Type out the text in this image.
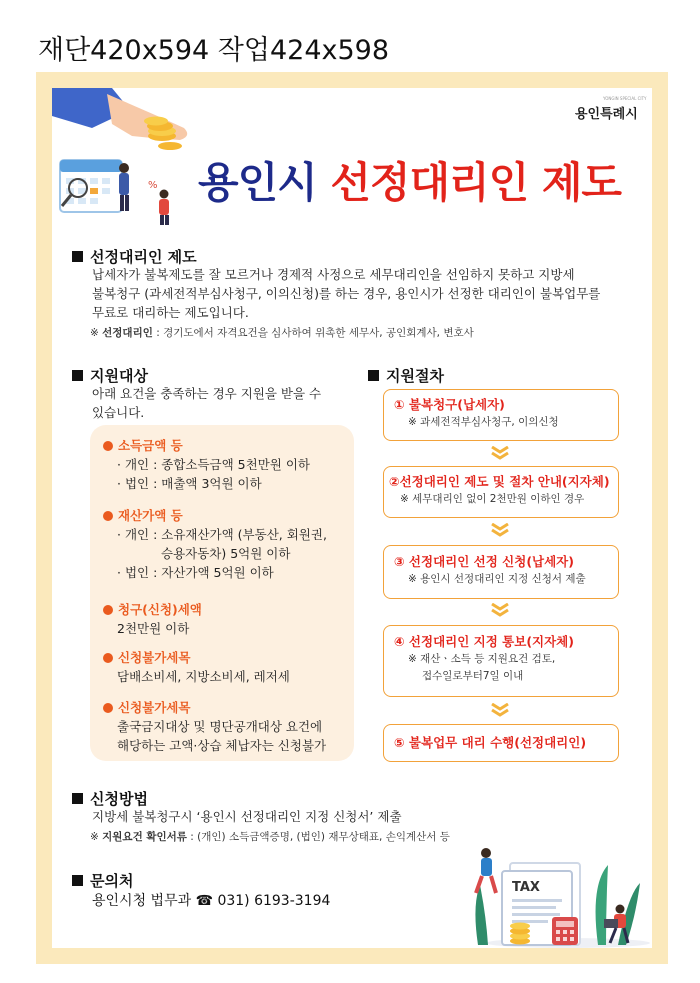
재단420x594 작업424x598
%
용인특례시
YONGIN SPECIAL CITY
용인시 선정대리인 제도
선정대리인 제도
납세자가 불복제도를 잘 모르거나 경제적 사정으로 세무대리인을 선임하지 못하고 지방세
불복청구 (과세전적부심사청구, 이의신청)를 하는 경우, 용인시가 선정한 대리인이 불복업무를
무료로 대리하는 제도입니다.
※ 선정대리인 : 경기도에서 자격요건을 심사하여 위촉한 세무사, 공인회계사, 변호사
지원대상
아래 요건을 충족하는 경우 지원을 받을 수
있습니다.
소득금액 등
· 개인 : 종합소득금액 5천만원 이하
· 법인 : 매출액 3억원 이하
재산가액 등
· 개인 : 소유재산가액 (부동산, 회원권,
승용자동차) 5억원 이하
· 법인 : 자산가액 5억원 이하
청구(신청)세액
2천만원 이하
신청불가세목
담배소비세, 지방소비세, 레저세
신청불가세목
출국금지대상 및 명단공개대상 요건에
해당하는 고액·상습 체납자는 신청불가
지원절차
① 불복청구(납세자)
※ 과세전적부심사청구, 이의신청
②선정대리인 제도 및 절차 안내(지자체)
※ 세무대리인 없이 2천만원 이하인 경우
③ 선정대리인 선정 신청(납세자)
※ 용인시 선정대리인 지정 신청서 제출
④ 선정대리인 지정 통보(지자체)
※ 재산ㆍ소득 등 지원요건 검토,
접수일로부터7일 이내
⑤ 불복업무 대리 수행(선정대리인)
신청방법
지방세 불복청구시 ‘용인시 선정대리인 지정 신청서’ 제출
※ 지원요건 확인서류 : (개인) 소득금액증명, (법인) 재무상태표, 손익계산서 등
문의처
용인시청 법무과 ☎ 031) 6193-3194
TAX
